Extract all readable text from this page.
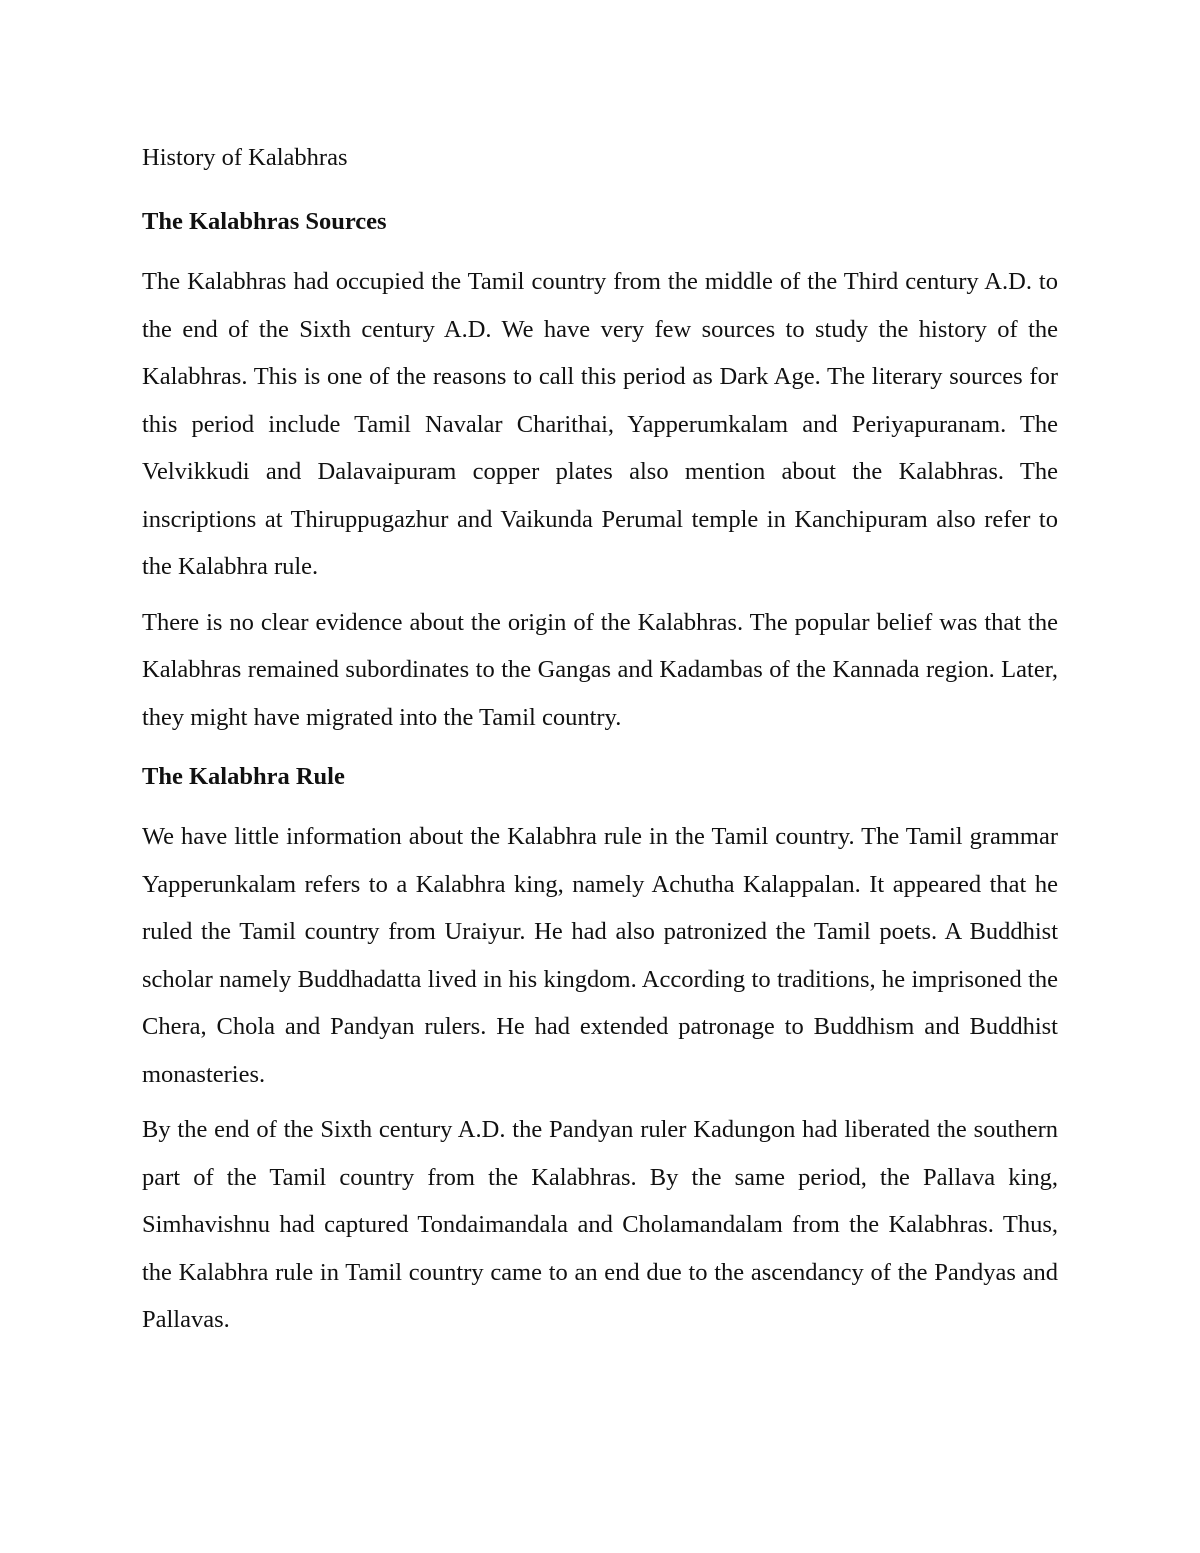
History of Kalabhras

The Kalabhras Sources

The Kalabhras had occupied the Tamil country from the middle of the Third century A.D. to the end of the Sixth century A.D. We have very few sources to study the history of the Kalabhras. This is one of the reasons to call this period as Dark Age. The literary sources for this period include Tamil Navalar Charithai, Yapperumkalam and Periyapuranam. The Velvikkudi and Dalavaipuram copper plates also mention about the Kalabhras. The inscriptions at Thiruppugazhur and Vaikunda Perumal temple in Kanchipuram also refer to the Kalabhra rule.

There is no clear evidence about the origin of the Kalabhras. The popular belief was that the Kalabhras remained subordinates to the Gangas and Kadambas of the Kannada region. Later, they might have migrated into the Tamil country.

The Kalabhra Rule

We have little information about the Kalabhra rule in the Tamil country. The Tamil grammar Yapperunkalam refers to a Kalabhra king, namely Achutha Kalappalan. It appeared that he ruled the Tamil country from Uraiyur. He had also patronized the Tamil poets. A Buddhist scholar namely Buddhadatta lived in his kingdom. According to traditions, he imprisoned the Chera, Chola and Pandyan rulers. He had extended patronage to Buddhism and Buddhist monasteries.

By the end of the Sixth century A.D. the Pandyan ruler Kadungon had liberated the southern part of the Tamil country from the Kalabhras. By the same period, the Pallava king, Simhavishnu had captured Tondaimandala and Cholamandalam from the Kalabhras. Thus, the Kalabhra rule in Tamil country came to an end due to the ascendancy of the Pandyas and Pallavas.
